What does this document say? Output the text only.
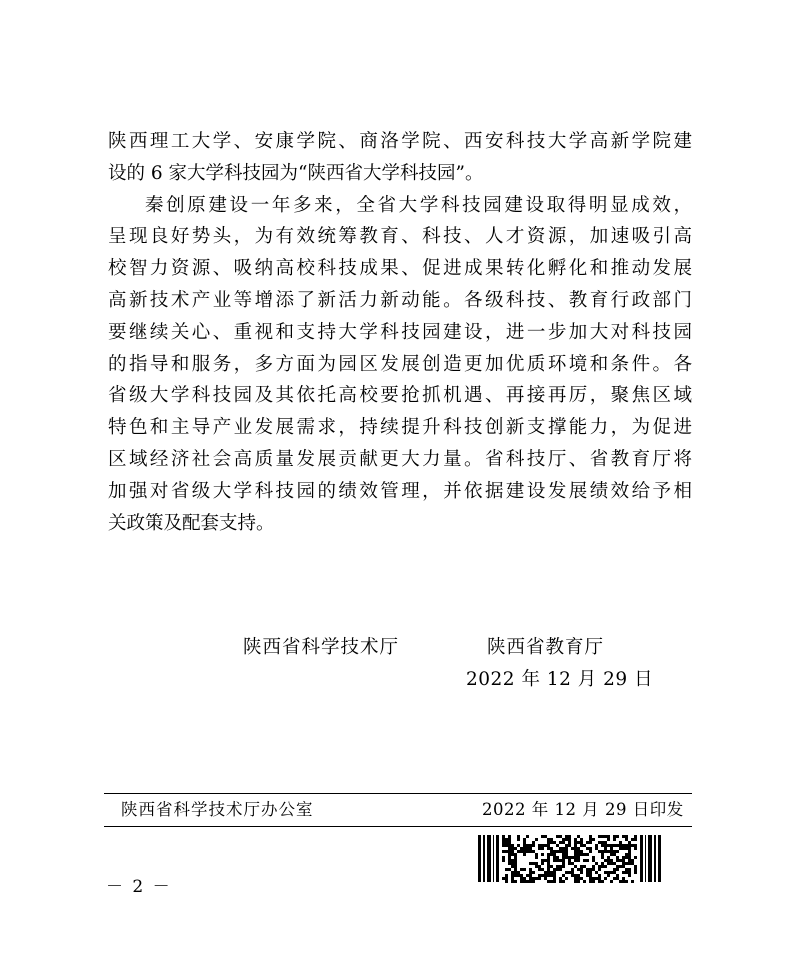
陕西理工大学、安康学院、商洛学院、西安科技大学高新学院建
设的 6 家大学科技园为“陕西省大学科技园”。
秦创原建设一年多来，全省大学科技园建设取得明显成效，
呈现良好势头，为有效统筹教育、科技、人才资源，加速吸引高
校智力资源、吸纳高校科技成果、促进成果转化孵化和推动发展
高新技术产业等增添了新活力新动能。各级科技、教育行政部门
要继续关心、重视和支持大学科技园建设，进一步加大对科技园
的指导和服务，多方面为园区发展创造更加优质环境和条件。各
省级大学科技园及其依托高校要抢抓机遇、再接再厉，聚焦区域
特色和主导产业发展需求，持续提升科技创新支撑能力，为促进
区域经济社会高质量发展贡献更大力量。省科技厅、省教育厅将
加强对省级大学科技园的绩效管理，并依据建设发展绩效给予相
关政策及配套支持。
陕西省科学技术厅	陕西省教育厅
2022 年 12 月 29 日
陕西省科学技术厅办公室	2022 年 12 月 29 日印发
－ 2 －
